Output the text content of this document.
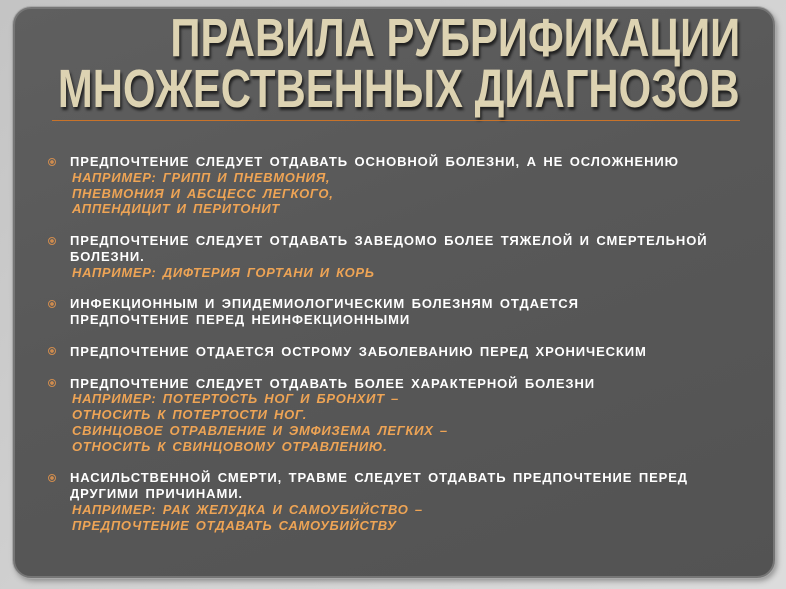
ПРАВИЛА РУБРИФИКАЦИИ
МНОЖЕСТВЕННЫХ ДИАГНОЗОВ
ПРЕДПОЧТЕНИЕ СЛЕДУЕТ ОТДАВАТЬ ОСНОВНОЙ БОЛЕЗНИ, А НЕ ОСЛОЖНЕНИЮ
НАПРИМЕР: ГРИПП И ПНЕВМОНИЯ,
ПНЕВМОНИЯ И АБСЦЕСС ЛЕГКОГО,
АППЕНДИЦИТ И ПЕРИТОНИТ
ПРЕДПОЧТЕНИЕ СЛЕДУЕТ ОТДАВАТЬ ЗАВЕДОМО БОЛЕЕ ТЯЖЕЛОЙ И СМЕРТЕЛЬНОЙ
БОЛЕЗНИ.
НАПРИМЕР: ДИФТЕРИЯ ГОРТАНИ И КОРЬ
ИНФЕКЦИОННЫМ И ЭПИДЕМИОЛОГИЧЕСКИМ БОЛЕЗНЯМ ОТДАЕТСЯ
ПРЕДПОЧТЕНИЕ ПЕРЕД НЕИНФЕКЦИОННЫМИ
ПРЕДПОЧТЕНИЕ ОТДАЕТСЯ ОСТРОМУ ЗАБОЛЕВАНИЮ ПЕРЕД ХРОНИЧЕСКИМ
ПРЕДПОЧТЕНИЕ СЛЕДУЕТ ОТДАВАТЬ БОЛЕЕ ХАРАКТЕРНОЙ БОЛЕЗНИ
НАПРИМЕР: ПОТЕРТОСТЬ НОГ И БРОНХИТ –
ОТНОСИТЬ К ПОТЕРТОСТИ НОГ.
СВИНЦОВОЕ ОТРАВЛЕНИЕ И ЭМФИЗЕМА ЛЕГКИХ –
ОТНОСИТЬ К СВИНЦОВОМУ ОТРАВЛЕНИЮ.
НАСИЛЬСТВЕННОЙ СМЕРТИ, ТРАВМЕ СЛЕДУЕТ ОТДАВАТЬ ПРЕДПОЧТЕНИЕ ПЕРЕД
ДРУГИМИ ПРИЧИНАМИ.
НАПРИМЕР: РАК ЖЕЛУДКА И САМОУБИЙСТВО –
ПРЕДПОЧТЕНИЕ ОТДАВАТЬ САМОУБИЙСТВУ
